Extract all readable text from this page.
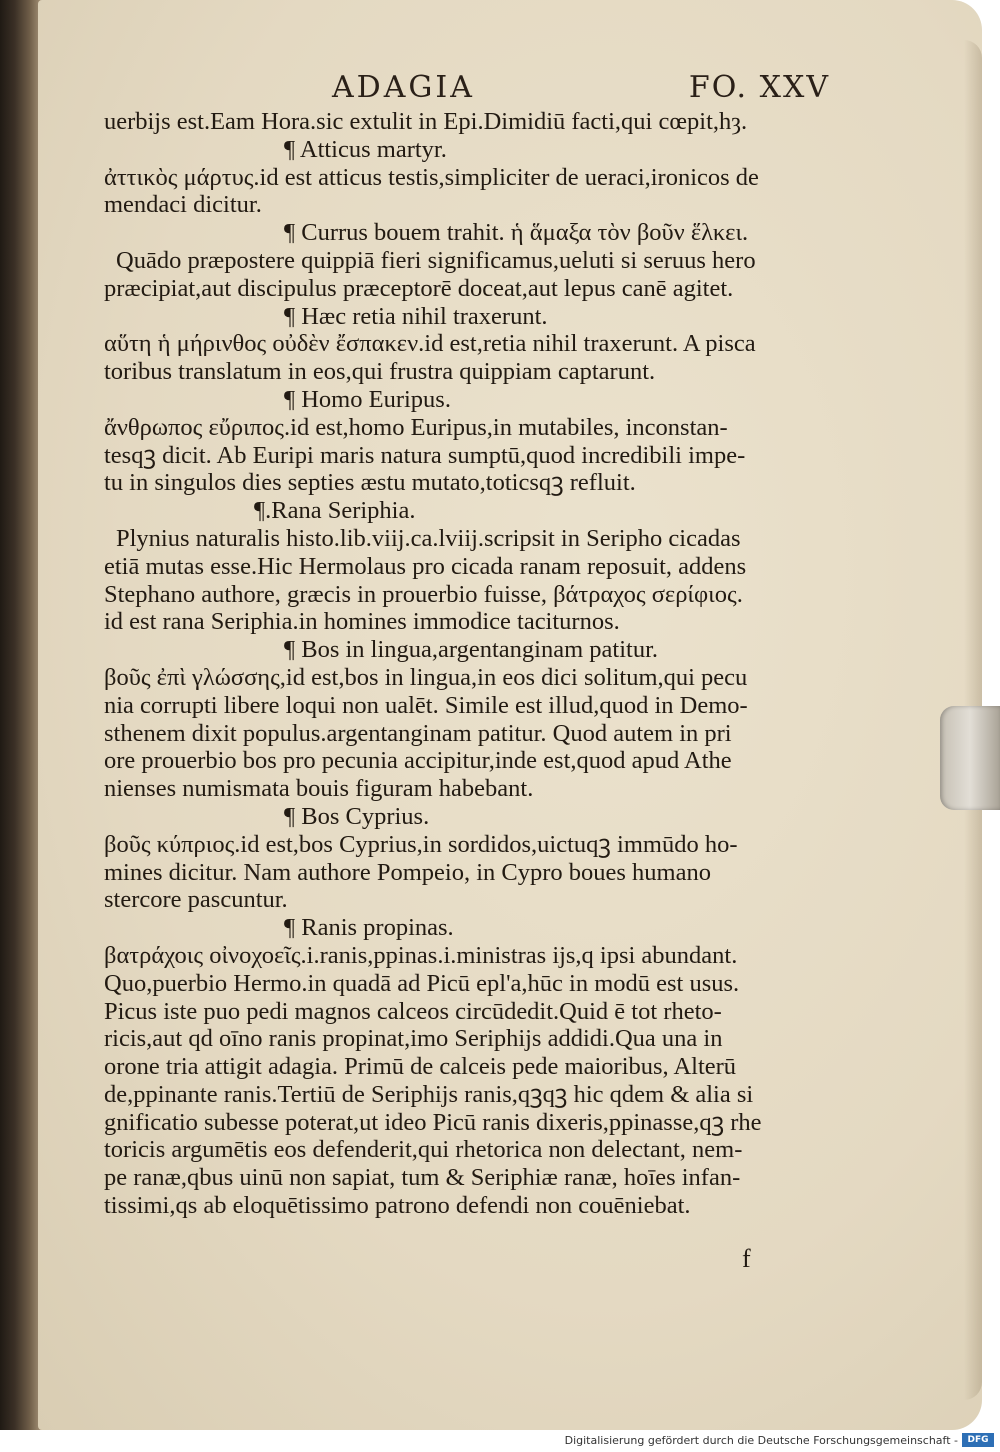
ADAGIA	FO. XXV
uerbĳs est.Eam Hora.sic extulit in Epi.Dimidiū facti,qui cœpit,hȝ.
¶ Atticus martyr.
ἀττικὸς μάρτυς.id est atticus testis,simpliciter de ueraci,ironicos de
mendaci dicitur.
¶ Currus bouem trahit. ἡ ἅμαξα τὸν βοῦν ἕλκει.
Quādo præpostere quippiā fieri significamus,ueluti si seruus hero
præcipiat,aut discipulus præceptorē doceat,aut lepus canē agitet.
¶ Hæc retia nihil traxerunt.
αὕτη ἡ μήρινθος οὐδὲν ἔσπακεν.id est,retia nihil traxerunt. A pisca
toribus translatum in eos,qui frustra quippiam captarunt.
¶ Homo Euripus.
ἄνθρωπος εὔριπος.id est,homo Euripus,in mutabiles, inconstan-
tesqꝫ dicit. Ab Euripi maris natura sumptū,quod incredibili impe-
tu in singulos dies septies æstu mutato,toticsqꝫ refluit.
¶.Rana Seriphia.
Plynius naturalis histo.lib.viĳ.ca.lviĳ.scripsit in Seripho cicadas
etiā mutas esse.Hic Hermolaus pro cicada ranam reposuit, addens
Stephano authore, græcis in prouerbio fuisse, βάτραχος σερίφιος.
id est rana Seriphia.in homines immodice taciturnos.
¶ Bos in lingua,argentanginam patitur.
βοῦς ἐπὶ γλώσσης,id est,bos in lingua,in eos dici solitum,qui pecu
nia corrupti libere loqui non ualēt. Simile est illud,quod in Demo-
sthenem dixit populus.argentanginam patitur. Quod autem in pri
ore prouerbio bos pro pecunia accipitur,inde est,quod apud Athe
nienses numismata bouis figuram habebant.
¶ Bos Cyprius.
βοῦς κύπριος.id est,bos Cyprius,in sordidos,uictuqꝫ immūdo ho-
mines dicitur. Nam authore Pompeio, in Cypro boues humano
stercore pascuntur.
¶ Ranis propinas.
βατράχοις οἰνοχοεῖς.i.ranis,ppinas.i.ministras ĳs,q ipsi abundant.
Quo,puerbio Hermo.in quadā ad Picū epl'a,hūc in modū est usus.
Picus iste puo pedi magnos calceos circūdedit.Quid ē tot rheto-
ricis,aut qd oīno ranis propinat,imo Seriphĳs addidi.Qua una in
orone tria attigit adagia. Primū de calceis pede maioribus, Alterū
de,ppinante ranis.Tertiū de Seriphĳs ranis,qꝫqꝫ hic qdem & alia si
gnificatio subesse poterat,ut ideo Picū ranis dixeris,ppinasse,qꝫ rhe
toricis argumētis eos defenderit,qui rhetorica non delectant, nem-
pe ranæ,qbus uinū non sapiat, tum & Seriphiæ ranæ, hoīes infan-
tissimi,qs ab eloquētissimo patrono defendi non couēniebat.
f
Digitalisierung gefördert durch die Deutsche Forschungsgemeinschaft -	DFG
